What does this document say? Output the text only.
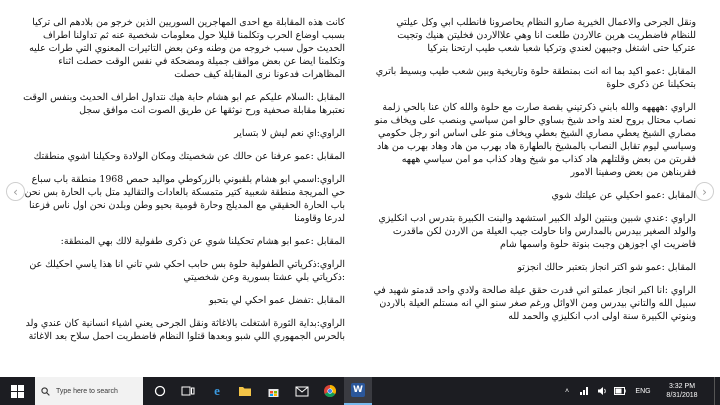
‹	›

كانت هذه المقابلة مع احدى المهاجرين السوريين الذين خرجو من بلادهم الى تركيا بسبب اوضاع الحرب وتكلمنا قليلا حول معلومات شخصية عنه ثم تداولنا اطراف الحديث حول سبب خروجه من وطنه وعن بعض التاثيرات المعنوي التي طرات عليه وتكلمنا ايضا عن بعض مواقف جميلة ومضحكة في نفس الوقت حصلت اثناء المظاهرات فدعونا نرى المقابلة كيف حصلت

المقابل :السلام عليكم عم ابو هشام حابة هيك نتداول اطراف الحديث وبنفس الوقت نعتبرها مقابلة صحفية ورح نوثقها عن طريق الصوت انت موافق سجل

الراوي:اي نعم ليش لا بتساير

المقابل :عمو عرفنا عن حالك عن شخصيتك ومكان الولادة وحكيلنا اشوي منطقتك

الراوي:اسمي ابو هشام بلقبوني بالزركوطي مواليد حمص 1968 منطقة باب سباع حي المريجة منطقة شعبية كتير متمسكة بالعادات والتقاليد متل باب الحارة بس نحن باب الحارة الحقيقي مع المديلج وحارة قومية بحيو وطن وبلدن نحن اول ناس فزعنا لدرعا وقاومنا

المقابل :عمو ابو هشام تحكيلنا شوي عن ذكرى طفولية لالك بهي المنطقة:

الراوي:ذكرياتي الطفولية حلوة بس حابب احكي شي تاني انا هذا ياسي احكيلك عن :ذكرياتي بلي عشتا بسورية وعن شخصيتي

المقابل :تفضل عمو احكي لي بتحبو

الراوي:بداية الثورة اشتغلت بالاغاثة ونقل الجرحى يعني اشياء انسانية كان عندي ولد بالحرس الجمهوري اللي شبو وبعدها قتلوا النظام فاضطريت احمل سلاح بعد الاغاثة

ونقل الجرحى والاعمال الخيرية صارو النظام يحاصرونا فانطلب ابي وكل عيلتي للنظام فاضطريت هربن عالاردن طلعت انا وهي علاالاردن فخليتن هنيك وتجيت عتركيا حتى اشتغل وجيبهن لعندي وتركيا شعبا شعب طيب ارتحنا بتركيا

المقابل :عمو اكيد بما انه انت بمنطقة حلوة وتاريخية وبين شعب طيب وبسيط باتري بتحكيلنا عن ذكرى حلوة

الراوي :ههههه والله بابني ذكرتيني بقصة صارت مع حلوة والله كان عنا بالحي زلمة نصاب محتال بروح لعند واحد شيخ بساوي حالو امن سياسي وبنصب على ويخاف منو مصاري الشيخ يعطي مصاري الشيخ بعطي ويخاف منو على اساس انو رجل حكومي وسياسي ليوم تقابل النصاب بالمشيخ بالطهارة هاد بهرب من هاد وهاد بهرب من هاد فقربتن من بعض وقلتلهم هاد كذاب مو شيخ وهاد كذاب مو امن سياسي هههه فقربناهن من بعض وصفينا الامور

المقابل :عمو احكيلي عن عيلتك شوي

الراوي :عندي شبين وبنتين الولد الكبير استشهد والبنت الكبيرة بتدرس ادب انكليزي والولد الصغير بيدرس بالمدارس وانا حاولت جيب العيلة من الاردن لكن ماقدرت فاضريت اي اجوزهن وجبت بنوتة حلوة واسمها شام

المقابل :عمو شو اكتر انجاز بتعتبر حالك انجزتو

الراوي :انا اكبر انجاز عملتو اني قدرت حقق عيلة صالحة ولادي واحد قدمتو شهيد في سبيل الله والتاني بيدرس ومن الاوائل ورغم صغر سنو الي انه مستلم العيلة بالاردن وبنوتي الكبيرة سنة اولى ادب انكليزي والحمد لله

Type here to search	e	W	˄	ENG
3:32 PM
8/31/2018
